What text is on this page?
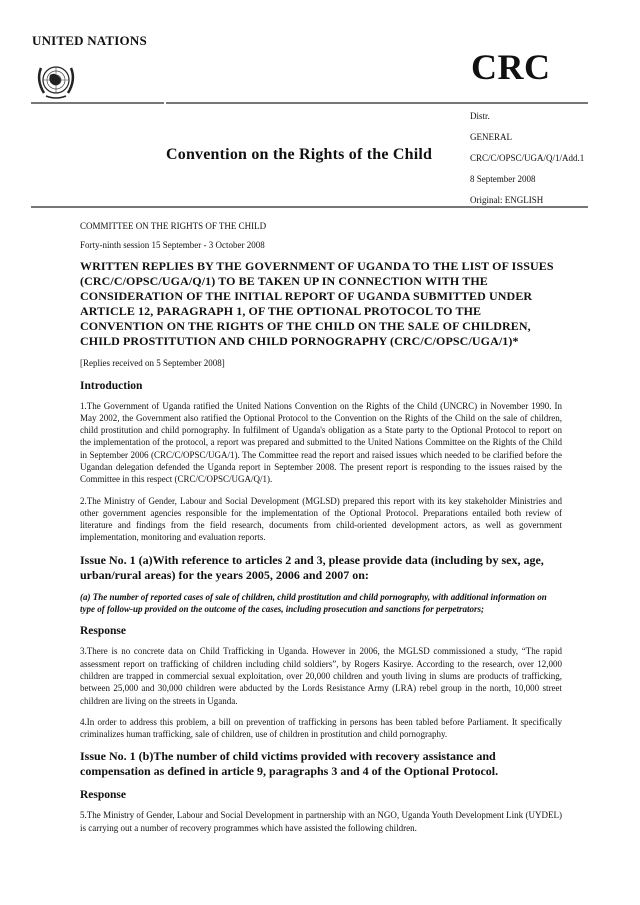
UNITED NATIONS
CRC
Convention on the Rights of the Child
Distr.
GENERAL
CRC/C/OPSC/UGA/Q/1/Add.1
8 September 2008
Original: ENGLISH

COMMITTEE ON THE RIGHTS OF THE CHILD

Forty-ninth session 15 September - 3 October 2008

WRITTEN REPLIES BY THE GOVERNMENT OF UGANDA TO THE LIST OF ISSUES (CRC/C/OPSC/UGA/Q/1) TO BE TAKEN UP IN CONNECTION WITH THE CONSIDERATION OF THE INITIAL REPORT OF UGANDA SUBMITTED UNDER ARTICLE 12, PARAGRAPH 1, OF THE OPTIONAL PROTOCOL TO THE CONVENTION ON THE RIGHTS OF THE CHILD ON THE SALE OF CHILDREN, CHILD PROSTITUTION AND CHILD PORNOGRAPHY (CRC/C/OPSC/UGA/1)*

[Replies received on 5 September 2008]

Introduction

1.The Government of Uganda ratified the United Nations Convention on the Rights of the Child (UNCRC) in November 1990. In May 2002, the Government also ratified the Optional Protocol to the Convention on the Rights of the Child on the sale of children, child prostitution and child pornography. In fulfilment of Uganda's obligation as a State party to the Optional Protocol to report on the implementation of the protocol, a report was prepared and submitted to the United Nations Committee on the Rights of the Child in September 2006 (CRC/C/OPSC/UGA/1). The Committee read the report and raised issues which needed to be clarified before the Ugandan delegation defended the Uganda report in September 2008. The present report is responding to the issues raised by the Committee in this respect (CRC/C/OPSC/UGA/Q/1).

2.The Ministry of Gender, Labour and Social Development (MGLSD) prepared this report with its key stakeholder Ministries and other government agencies responsible for the implementation of the Optional Protocol. Preparations entailed both review of literature and findings from the field research, documents from child-oriented development actors, as well as government implementation, monitoring and evaluation reports.

Issue No. 1 (a)With reference to articles 2 and 3, please provide data (including by sex, age, urban/rural areas) for the years 2005, 2006 and 2007 on:

(a) The number of reported cases of sale of children, child prostitution and child pornography, with additional information on type of follow-up provided on the outcome of the cases, including prosecution and sanctions for perpetrators;

Response

3.There is no concrete data on Child Trafficking in Uganda. However in 2006, the MGLSD commissioned a study, “The rapid assessment report on trafficking of children including child soldiers”, by Rogers Kasirye. According to the research, over 12,000 children are trapped in commercial sexual exploitation, over 20,000 children and youth living in slums are products of trafficking, between 25,000 and 30,000 children were abducted by the Lords Resistance Army (LRA) rebel group in the north, 10,000 street children are living on the streets in Uganda.

4.In order to address this problem, a bill on prevention of trafficking in persons has been tabled before Parliament. It specifically criminalizes human trafficking, sale of children, use of children in prostitution and child pornography.

Issue No. 1 (b)The number of child victims provided with recovery assistance and compensation as defined in article 9, paragraphs 3 and 4 of the Optional Protocol.

Response

5.The Ministry of Gender, Labour and Social Development in partnership with an NGO, Uganda Youth Development Link (UYDEL) is carrying out a number of recovery programmes which have assisted the following children.
